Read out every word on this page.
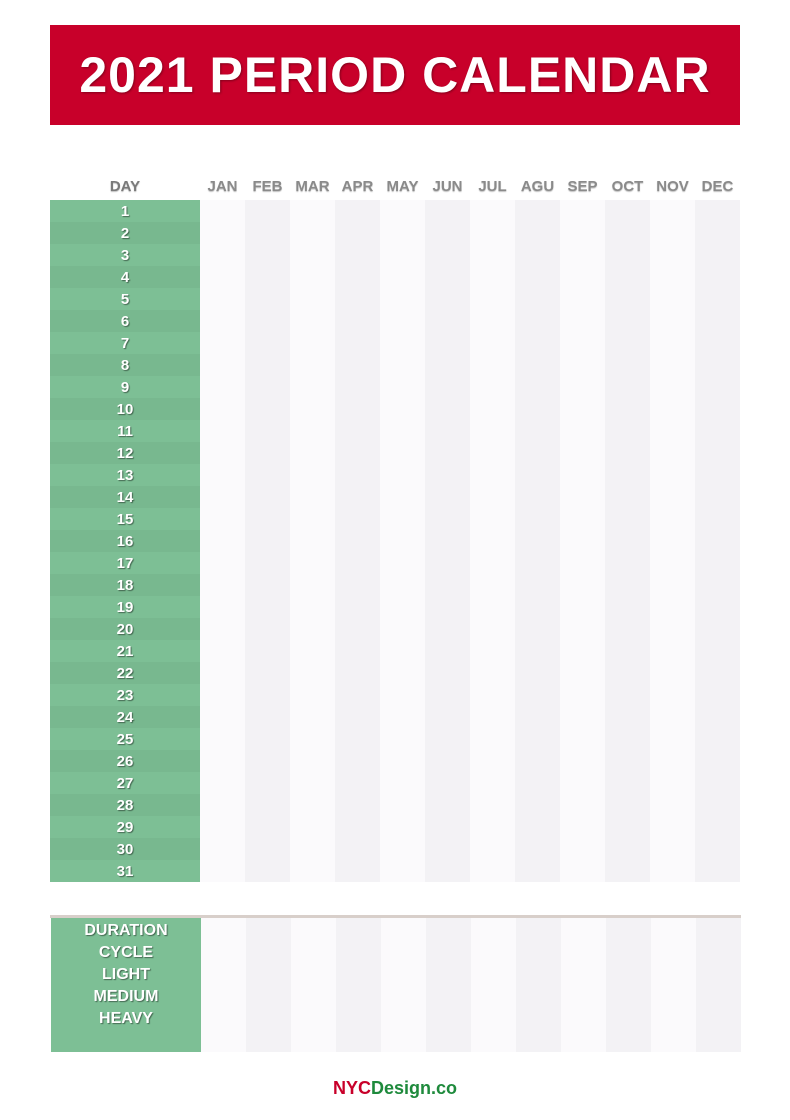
2021 PERIOD CALENDAR
DAY	JAN	FEB MAR APR MAY JUN	JUL AGU SEP OCT NOV DEC
1
2
3
4
5
6
7
8
9
10
11
12
13
14
15
16
17
18
19
20
21
22
23
24
25
26
27
28
29
30
31
DURATION
CYCLE
LIGHT
MEDIUM
HEAVY
NYCDesign.co
